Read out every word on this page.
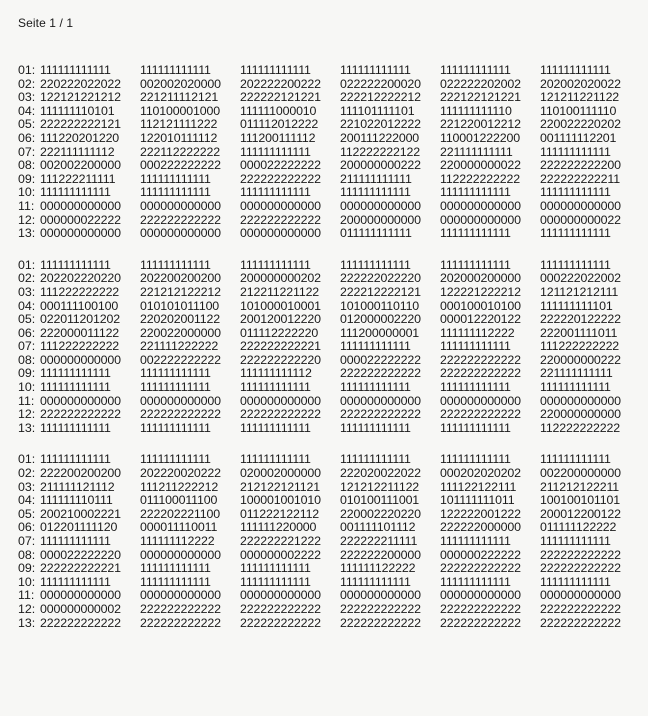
Seite 1 / 1
01: 111111111111	111111111111	111111111111	111111111111	111111111111	111111111111
02: 220222022022	002002020000	202222200222	022222200020	022222202002	202002020022
03: 122121221212	221211112121	222222121221	222212222212	222122121221	121211221122
04: 111111110101	110100001000	111111000010	111101111101	111111111110	110100111110
05: 222222222121	112121111222	011112012222	221022012222	221220012212	220022220202
06: 111220201220	122010111112	111200111112	200111222000	110001222200	001111112201
07: 222111111112	222112222222	111111111111	112222222122	221111111111	111111111111
08: 002002200000	000222222222	000022222222	200000000222	220000000022	222222222200
09: 111222211111	111111111111	222222222222	211111111111	112222222222	222222222211
10: 111111111111	111111111111	111111111111	111111111111	111111111111	111111111111
11: 000000000000	000000000000	000000000000	000000000000	000000000000	000000000000
12: 000000022222	222222222222	222222222222	200000000000	000000000000	000000000022
13: 000000000000	000000000000	000000000000	011111111111	111111111111	111111111111
01: 111111111111	111111111111	111111111111	111111111111	111111111111	111111111111
02: 202202220220	202200200200	200000000202	222222022220	202000200000	000222022002
03: 111222222222	221212122212	212211221122	222212222121	122221222212	121121212111
04: 000111100100	010101011100	101000010001	101000110110	000100010100	111111111101
05: 022011201202	220202001122	200120012220	012000002220	000012220122	222220122222
06: 222000011122	220022000000	011112222220	111200000001	111111112222	222001111011
07: 111222222222	221111222222	222222222221	111111111111	111111111111	111222222222
08: 000000000000	002222222222	222222222220	000022222222	222222222222	220000000222
09: 111111111111	111111111111	111111111112	222222222222	222222222222	221111111111
10: 111111111111	111111111111	111111111111	111111111111	111111111111	111111111111
11: 000000000000	000000000000	000000000000	000000000000	000000000000	000000000000
12: 222222222222	222222222222	222222222222	222222222222	222222222222	220000000000
13: 111111111111	111111111111	111111111111	111111111111	111111111111	112222222222
01: 111111111111	111111111111	111111111111	111111111111	111111111111	111111111111
02: 222200200200	202220020222	020002000000	222020022022	000202020202	002200000000
03: 211111121112	111211222212	212122121121	121212211122	111122122111	211212122211
04: 111111110111	011100011100	100001001010	010100111001	101111111011	100100101101
05: 200210002221	222202221100	011222122112	220002220220	122222001222	200012200122
06: 012201111120	000011110011	111111220000	001111101112	222222000000	011111122222
07: 111111111111	111111112222	222222221222	222222211111	111111111111	111111111111
08: 000022222220	000000000000	000000002222	222222200000	000000222222	222222222222
09: 222222222221	111111111111	111111111111	111111122222	222222222222	222222222222
10: 111111111111	111111111111	111111111111	111111111111	111111111111	111111111111
11: 000000000000	000000000000	000000000000	000000000000	000000000000	000000000000
12: 000000000002	222222222222	222222222222	222222222222	222222222222	222222222222
13: 222222222222	222222222222	222222222222	222222222222	222222222222	222222222222
